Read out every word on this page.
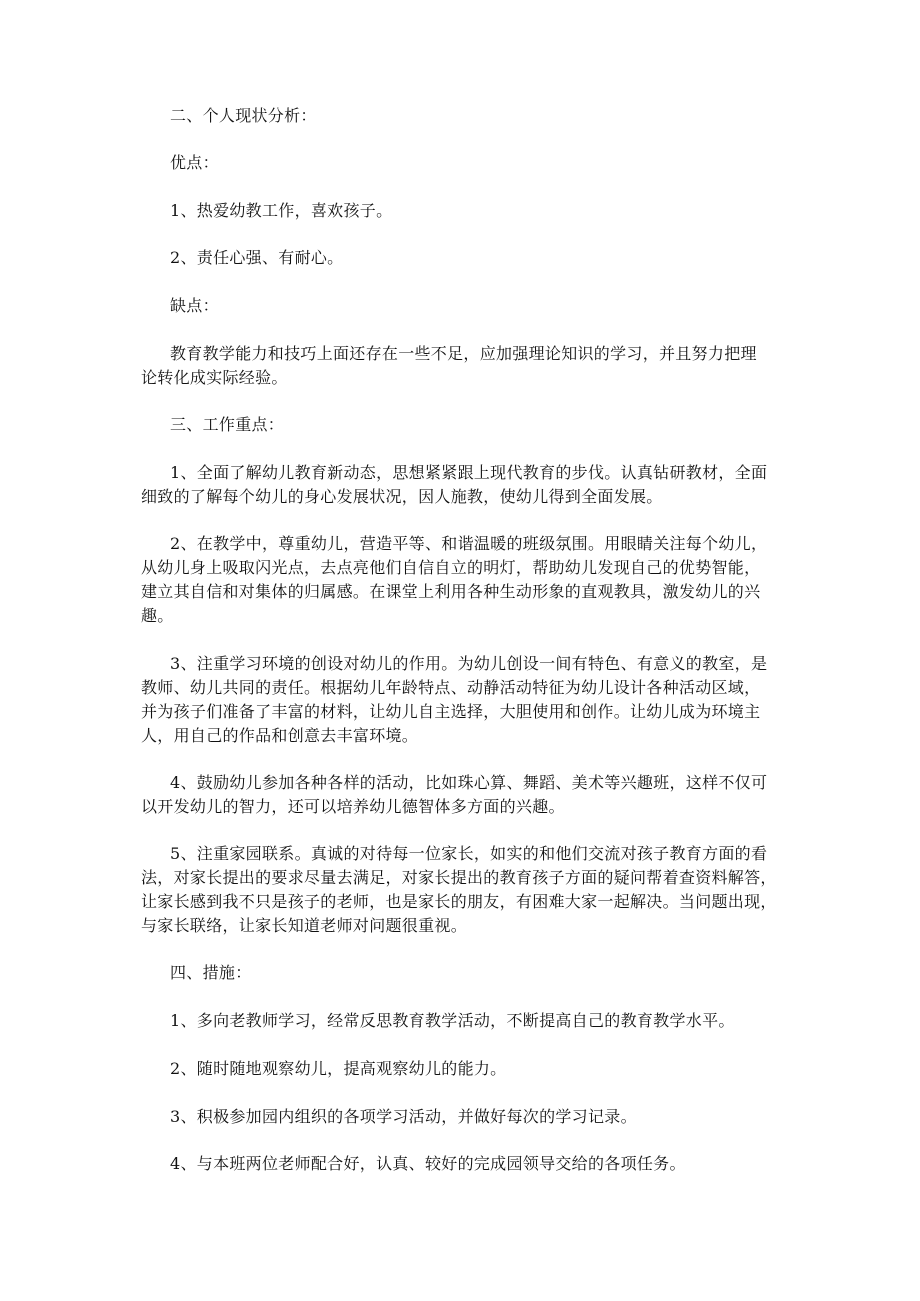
二、个人现状分析：

优点：

1、热爱幼教工作，喜欢孩子。

2、责任心强、有耐心。

缺点：

教育教学能力和技巧上面还存在一些不足，应加强理论知识的学习，并且努力把理
论转化成实际经验。

三、工作重点：

1、全面了解幼儿教育新动态，思想紧紧跟上现代教育的步伐。认真钻研教材，全面
细致的了解每个幼儿的身心发展状况，因人施教，使幼儿得到全面发展。

2、在教学中，尊重幼儿，营造平等、和谐温暖的班级氛围。用眼睛关注每个幼儿，
从幼儿身上吸取闪光点，去点亮他们自信自立的明灯，帮助幼儿发现自己的优势智能，
建立其自信和对集体的归属感。在课堂上利用各种生动形象的直观教具，激发幼儿的兴
趣。

3、注重学习环境的创设对幼儿的作用。为幼儿创设一间有特色、有意义的教室，是
教师、幼儿共同的责任。根据幼儿年龄特点、动静活动特征为幼儿设计各种活动区域，
并为孩子们准备了丰富的材料，让幼儿自主选择，大胆使用和创作。让幼儿成为环境主
人，用自己的作品和创意去丰富环境。

4、鼓励幼儿参加各种各样的活动，比如珠心算、舞蹈、美术等兴趣班，这样不仅可
以开发幼儿的智力，还可以培养幼儿德智体多方面的兴趣。

5、注重家园联系。真诚的对待每一位家长，如实的和他们交流对孩子教育方面的看
法，对家长提出的要求尽量去满足，对家长提出的教育孩子方面的疑问帮着查资料解答，
让家长感到我不只是孩子的老师，也是家长的朋友，有困难大家一起解决。当问题出现，
与家长联络，让家长知道老师对问题很重视。

四、措施：

1、多向老教师学习，经常反思教育教学活动，不断提高自己的教育教学水平。

2、随时随地观察幼儿，提高观察幼儿的能力。

3、积极参加园内组织的各项学习活动，并做好每次的学习记录。

4、与本班两位老师配合好，认真、较好的完成园领导交给的各项任务。
